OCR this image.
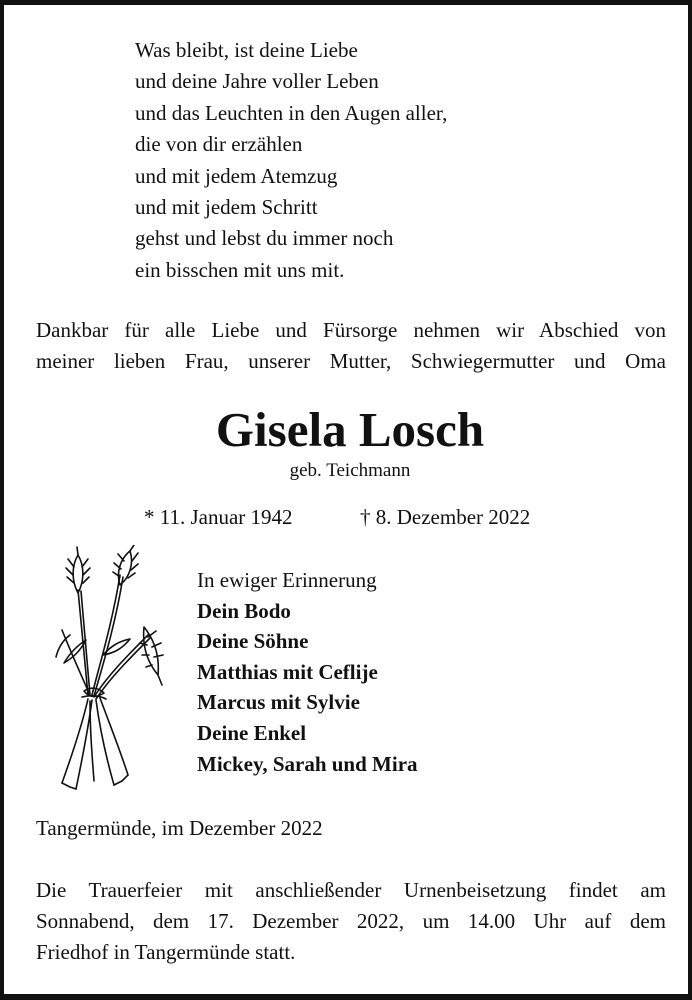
Was bleibt, ist deine Liebe
und deine Jahre voller Leben
und das Leuchten in den Augen aller,
die von dir erzählen
und mit jedem Atemzug
und mit jedem Schritt
gehst und lebst du immer noch
ein bisschen mit uns mit.
Dankbar für alle Liebe und Fürsorge nehmen wir Abschied von
meiner lieben Frau, unserer Mutter, Schwiegermutter und Oma
Gisela Losch
geb. Teichmann
* 11. Januar 1942	† 8. Dezember 2022
In ewiger Erinnerung
Dein Bodo
Deine Söhne
Matthias mit Ceflije
Marcus mit Sylvie
Deine Enkel
Mickey, Sarah und Mira
Tangermünde, im Dezember 2022
Die Trauerfeier mit anschließender Urnenbeisetzung findet am
Sonnabend, dem 17. Dezember 2022, um 14.00 Uhr auf dem
Friedhof in Tangermünde statt.
